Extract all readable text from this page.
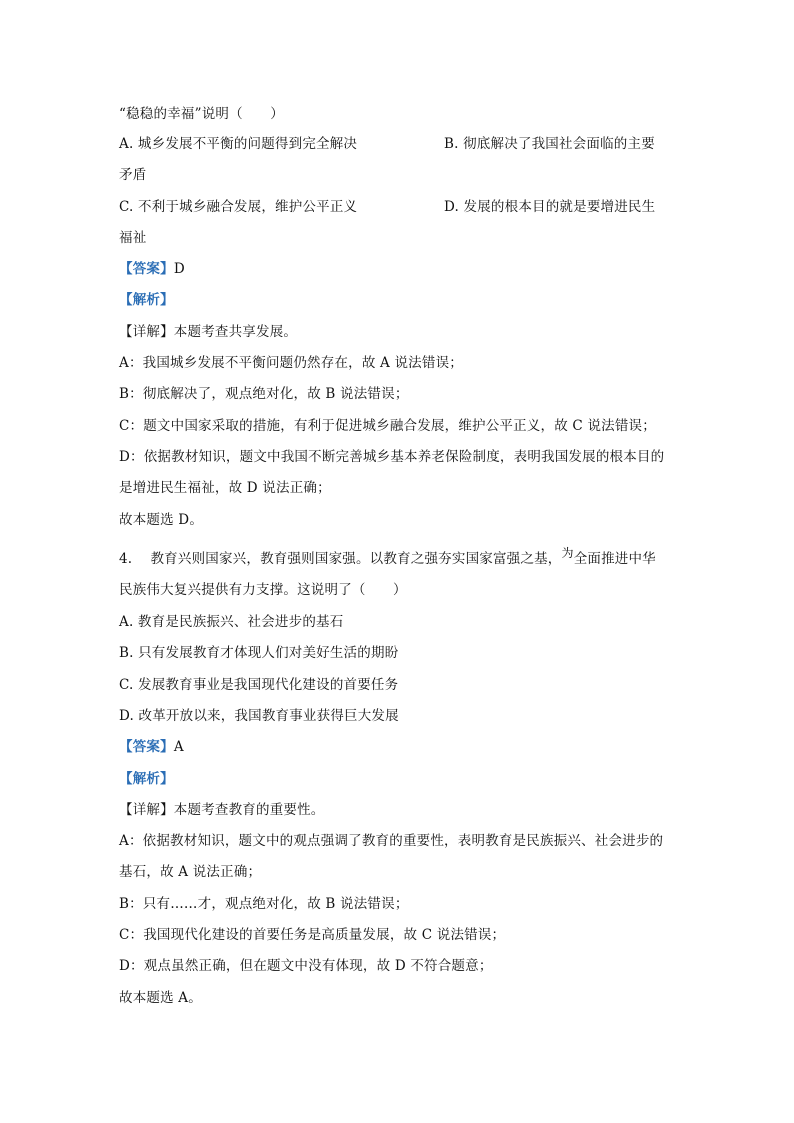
“稳稳的幸福”说明（　　）
A. 城乡发展不平衡的问题得到完全解决	B. 彻底解决了我国社会面临的主要
矛盾
C. 不利于城乡融合发展，维护公平正义	D. 发展的根本目的就是要增进民生
福祉
【答案】D
【解析】
【详解】本题考查共享发展。
A：我国城乡发展不平衡问题仍然存在，故 A 说法错误；
B：彻底解决了，观点绝对化，故 B 说法错误；
C：题文中国家采取的措施，有利于促进城乡融合发展，维护公平正义，故 C 说法错误；
D：依据教材知识，题文中我国不断完善城乡基本养老保险制度，表明我国发展的根本目的
是增进民生福祉，故 D 说法正确；
故本题选 D。
4.　 教育兴则国家兴，教育强则国家强。以教育之强夯实国家富强之基，为全面推进中华
民族伟大复兴提供有力支撑。这说明了（　　）
A. 教育是民族振兴、社会进步的基石
B. 只有发展教育才体现人们对美好生活的期盼
C. 发展教育事业是我国现代化建设的首要任务
D. 改革开放以来，我国教育事业获得巨大发展
【答案】A
【解析】
【详解】本题考查教育的重要性。
A：依据教材知识，题文中的观点强调了教育的重要性，表明教育是民族振兴、社会进步的
基石，故 A 说法正确；
B：只有……才，观点绝对化，故 B 说法错误；
C：我国现代化建设的首要任务是高质量发展，故 C 说法错误；
D：观点虽然正确，但在题文中没有体现，故 D 不符合题意；
故本题选 A。
